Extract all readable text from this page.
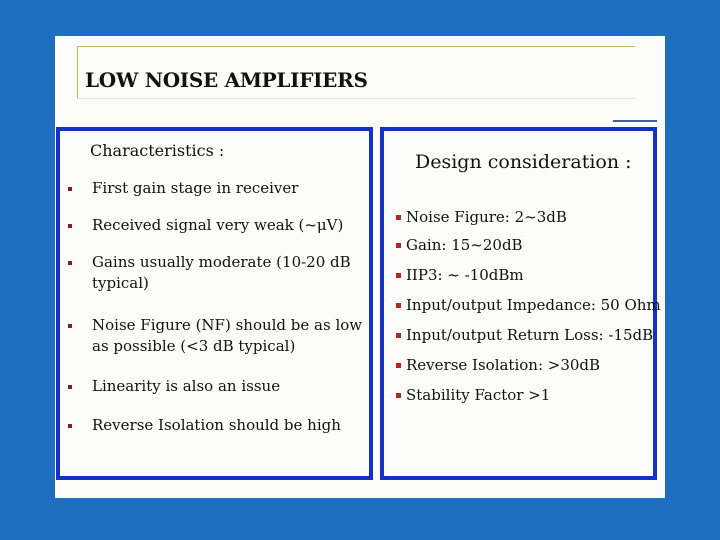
LOW NOISE AMPLIFIERS
Characteristics :
First gain stage in receiver
Received signal very weak (~μV)
Gains usually moderate (10-20 dB typical)
Noise Figure (NF) should be as low as possible (<3 dB typical)
Linearity is also an issue
Reverse Isolation should be high
Design consideration :
Noise Figure: 2~3dB
Gain: 15~20dB
IIP3: ~ -10dBm
Input/output Impedance: 50 Ohm
Input/output Return Loss: -15dB
Reverse Isolation: >30dB
Stability Factor >1
